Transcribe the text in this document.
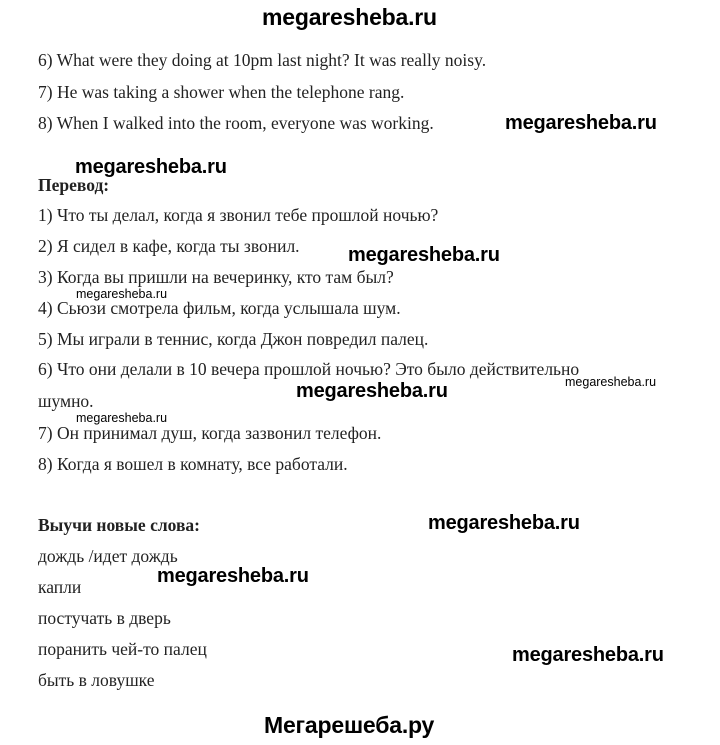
megaresheba.ru
6) What were they doing at 10pm last night? It was really noisy.
7) He was taking a shower when the telephone rang.
8) When I walked into the room, everyone was working.	megaresheba.ru
megaresheba.ru
Перевод:
1) Что ты делал, когда я звонил тебе прошлой ночью?
2) Я сидел в кафе, когда ты звонил. megaresheba.ru
3) Когда вы пришли на вечеринку, кто там был?
megaresheba.ru
4) Сьюзи смотрела фильм, когда услышала шум.
5) Мы играли в теннис, когда Джон повредил палец.
6) Что они делали в 10 вечера прошлой ночью? Это было действительно
megaresheba.ru
megaresheba.ru
шумно.
megaresheba.ru
7) Он принимал душ, когда зазвонил телефон.
8) Когда я вошел в комнату, все работали.
Выучи новые слова:	megaresheba.ru
дождь /идет дождь
капли	megaresheba.ru
постучать в дверь
поранить чей-то палец	megaresheba.ru
быть в ловушке
Мегарешеба.ру
